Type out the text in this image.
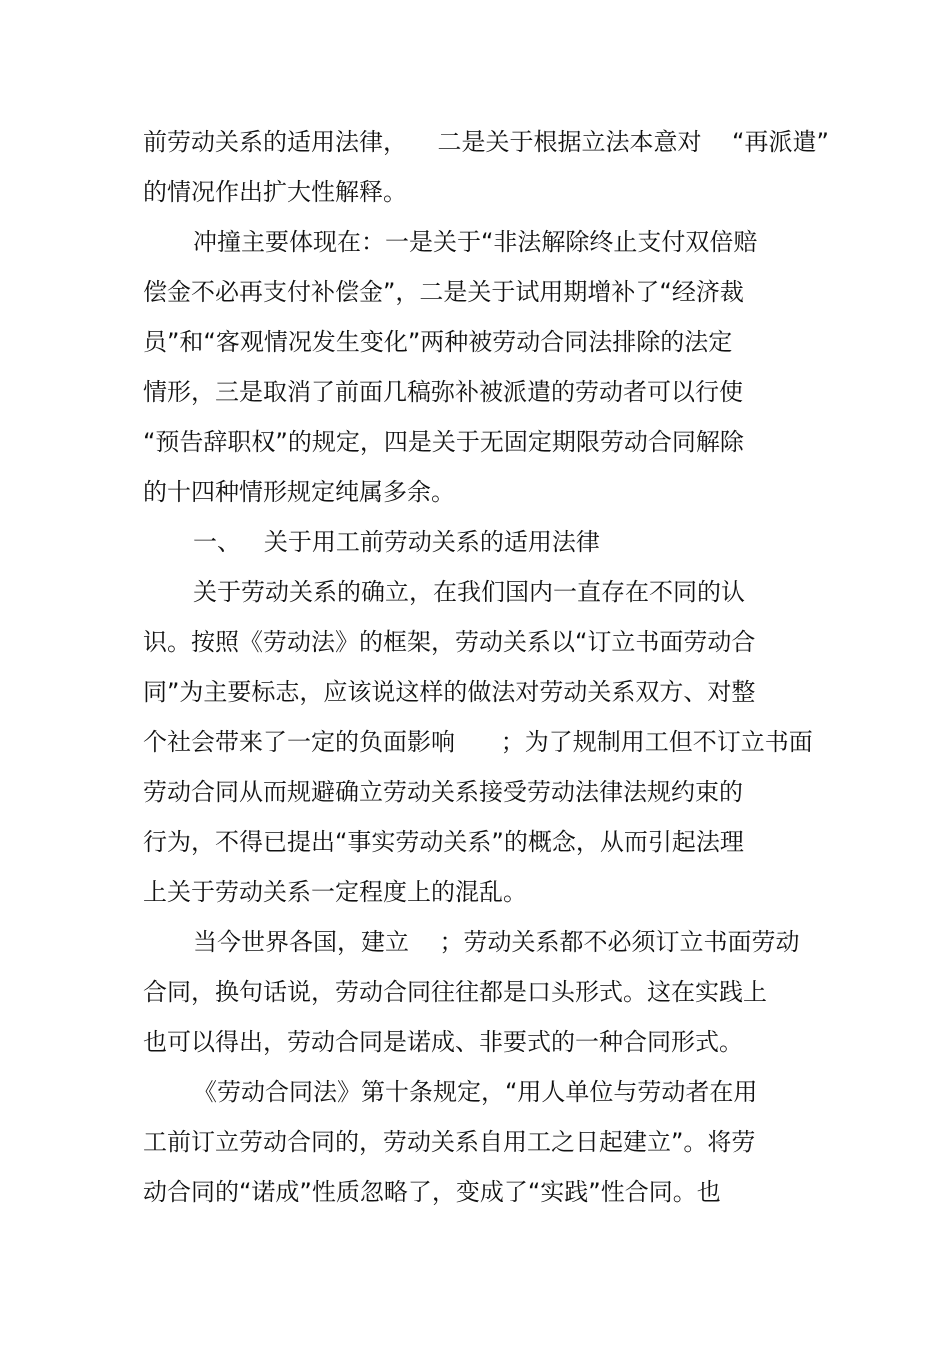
前劳动关系的适用法律，    二是关于根据立法本意对    “再派遣”
的情况作出扩大性解释。
冲撞主要体现在：一是关于“非法解除终止支付双倍赔
偿金不必再支付补偿金”，二是关于试用期增补了“经济裁
员”和“客观情况发生变化”两种被劳动合同法排除的法定
情形，三是取消了前面几稿弥补被派遣的劳动者可以行使
“预告辞职权”的规定，四是关于无固定期限劳动合同解除
的十四种情形规定纯属多余。
一、   关于用工前劳动关系的适用法律
关于劳动关系的确立，在我们国内一直存在不同的认
识。按照《劳动法》的框架，劳动关系以“订立书面劳动合
同”为主要标志，应该说这样的做法对劳动关系双方、对整
个社会带来了一定的负面影响      ；为了规制用工但不订立书面
劳动合同从而规避确立劳动关系接受劳动法律法规约束的
行为，不得已提出“事实劳动关系”的概念，从而引起法理
上关于劳动关系一定程度上的混乱。
当今世界各国，建立    ；劳动关系都不必须订立书面劳动
合同，换句话说，劳动合同往往都是口头形式。这在实践上
也可以得出，劳动合同是诺成、非要式的一种合同形式。
《劳动合同法》第十条规定，“用人单位与劳动者在用
工前订立劳动合同的，劳动关系自用工之日起建立”。将劳
动合同的“诺成”性质忽略了，变成了“实践”性合同。也
